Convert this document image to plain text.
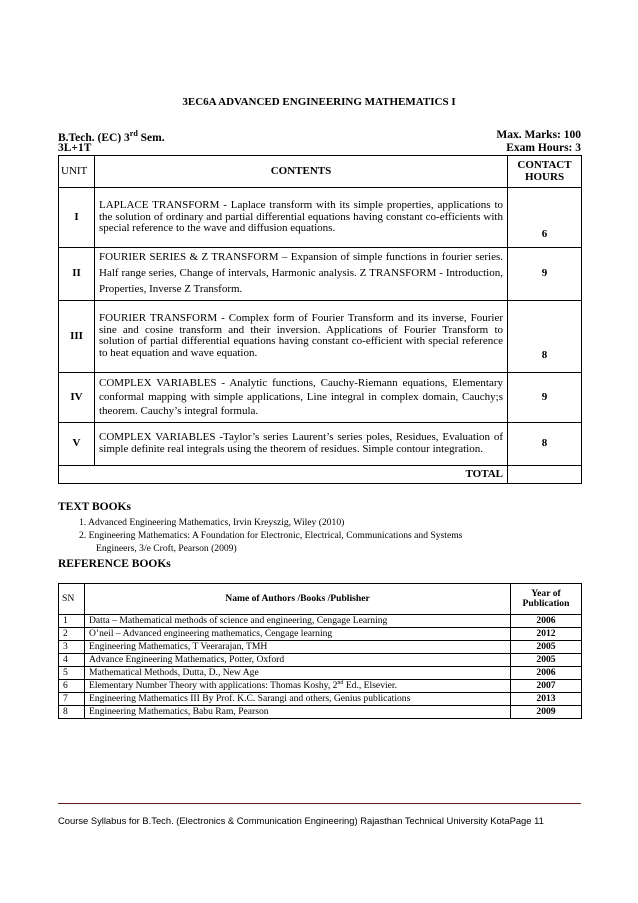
3EC6A ADVANCED ENGINEERING MATHEMATICS I
B.Tech. (EC) 3rd Sem.	Max. Marks: 100
3L+1T	Exam Hours: 3
UNIT	CONTENTS	CONTACT HOURS
I	LAPLACE TRANSFORM - Laplace transform with its simple properties, applications to the solution of ordinary and partial differential equations having constant co-efficients with special reference to the wave and diffusion equations.	6
II	FOURIER SERIES & Z TRANSFORM – Expansion of simple functions in fourier series. Half range series, Change of intervals, Harmonic analysis. Z TRANSFORM - Introduction, Properties, Inverse Z Transform.	9
III	FOURIER TRANSFORM - Complex form of Fourier Transform and its inverse, Fourier sine and cosine transform and their inversion. Applications of Fourier Transform to solution of partial differential equations having constant co-efficient with special reference to heat equation and wave equation.	8
IV	COMPLEX VARIABLES - Analytic functions, Cauchy-Riemann equations, Elementary conformal mapping with simple applications, Line integral in complex domain, Cauchy;s theorem. Cauchy’s integral formula.	9
V	COMPLEX VARIABLES -Taylor’s series Laurent’s series poles, Residues, Evaluation of simple definite real integrals using the theorem of residues. Simple contour integration.	8
TOTAL		
TEXT BOOKs
1. Advanced Engineering Mathematics, Irvin Kreyszig, Wiley (2010)
2. Engineering Mathematics: A Foundation for Electronic, Electrical, Communications and Systems
Engineers, 3/e Croft, Pearson (2009)
REFERENCE BOOKs
SN	Name of Authors /Books /Publisher	Year of Publication
1	Datta – Mathematical methods of science and engineering, Cengage Learning	2006
2	O’neil – Advanced engineering mathematics, Cengage learning	2012
3	Engineering Mathematics, T Veerarajan, TMH	2005
4	Advance Engineering Mathematics, Potter, Oxford	2005
5	Mathematical Methods, Dutta, D., New Age	2006
6	Elementary Number Theory with applications: Thomas Koshy, 2nd Ed., Elsevier.	2007
7	Engineering Mathematics III By Prof. K.C. Sarangi and others, Genius publications	2013
8	Engineering Mathematics, Babu Ram, Pearson	2009
Course Syllabus for B.Tech. (Electronics & Communication Engineering) Rajasthan Technical University KotaPage 11
